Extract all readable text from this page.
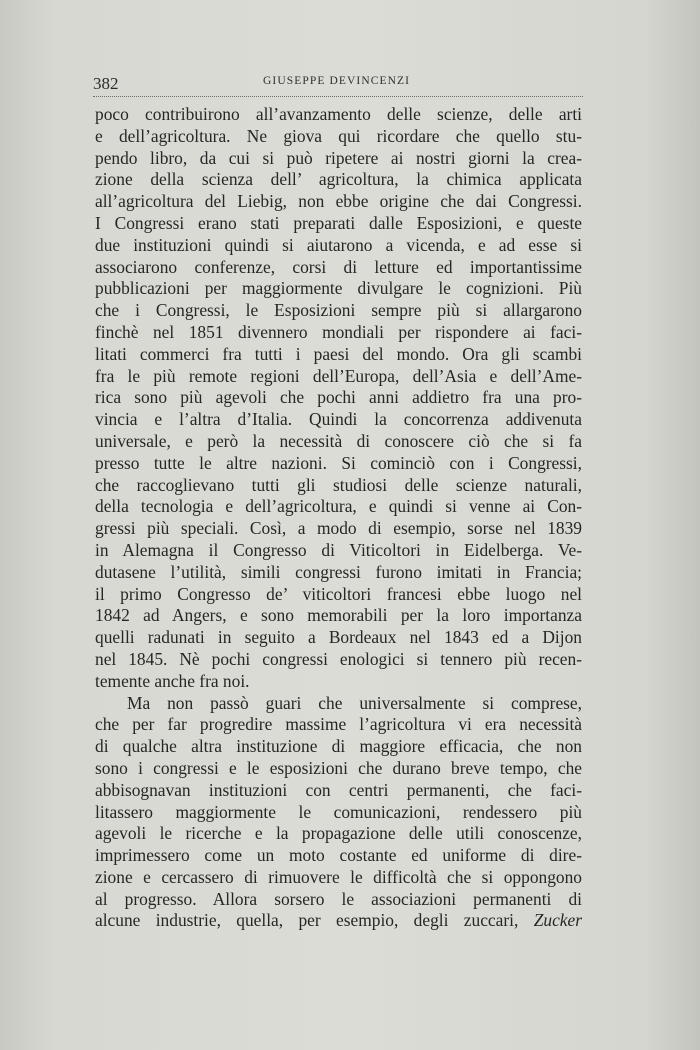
382	GIUSEPPE DEVINCENZI
poco contribuirono all’avanzamento delle scienze, delle arti
e dell’agricoltura. Ne giova qui ricordare che quello stu-
pendo libro, da cui si può ripetere ai nostri giorni la crea-
zione della scienza dell’ agricoltura, la chimica applicata
all’agricoltura del Liebig, non ebbe origine che dai Congressi.
I Congressi erano stati preparati dalle Esposizioni, e queste
due instituzioni quindi si aiutarono a vicenda, e ad esse si
associarono conferenze, corsi di letture ed importantissime
pubblicazioni per maggiormente divulgare le cognizioni. Più
che i Congressi, le Esposizioni sempre più si allargarono
finchè nel 1851 divennero mondiali per rispondere ai faci-
litati commerci fra tutti i paesi del mondo. Ora gli scambi
fra le più remote regioni dell’Europa, dell’Asia e dell’Ame-
rica sono più agevoli che pochi anni addietro fra una pro-
vincia e l’altra d’Italia. Quindi la concorrenza addivenuta
universale, e però la necessità di conoscere ciò che si fa
presso tutte le altre nazioni. Si cominciò con i Congressi,
che raccoglievano tutti gli studiosi delle scienze naturali,
della tecnologia e dell’agricoltura, e quindi si venne ai Con-
gressi più speciali. Così, a modo di esempio, sorse nel 1839
in Alemagna il Congresso di Viticoltori in Eidelberga. Ve-
dutasene l’utilità, simili congressi furono imitati in Francia;
il primo Congresso de’ viticoltori francesi ebbe luogo nel
1842 ad Angers, e sono memorabili per la loro importanza
quelli radunati in seguito a Bordeaux nel 1843 ed a Dijon
nel 1845. Nè pochi congressi enologici si tennero più recen-
temente anche fra noi.
Ma non passò guari che universalmente si comprese,
che per far progredire massime l’agricoltura vi era necessità
di qualche altra instituzione di maggiore efficacia, che non
sono i congressi e le esposizioni che durano breve tempo, che
abbisognavan instituzioni con centri permanenti, che faci-
litassero maggiormente le comunicazioni, rendessero più
agevoli le ricerche e la propagazione delle utili conoscenze,
imprimessero come un moto costante ed uniforme di dire-
zione e cercassero di rimuovere le difficoltà che si oppongono
al progresso. Allora sorsero le associazioni permanenti di
alcune industrie, quella, per esempio, degli zuccari, Zucker
